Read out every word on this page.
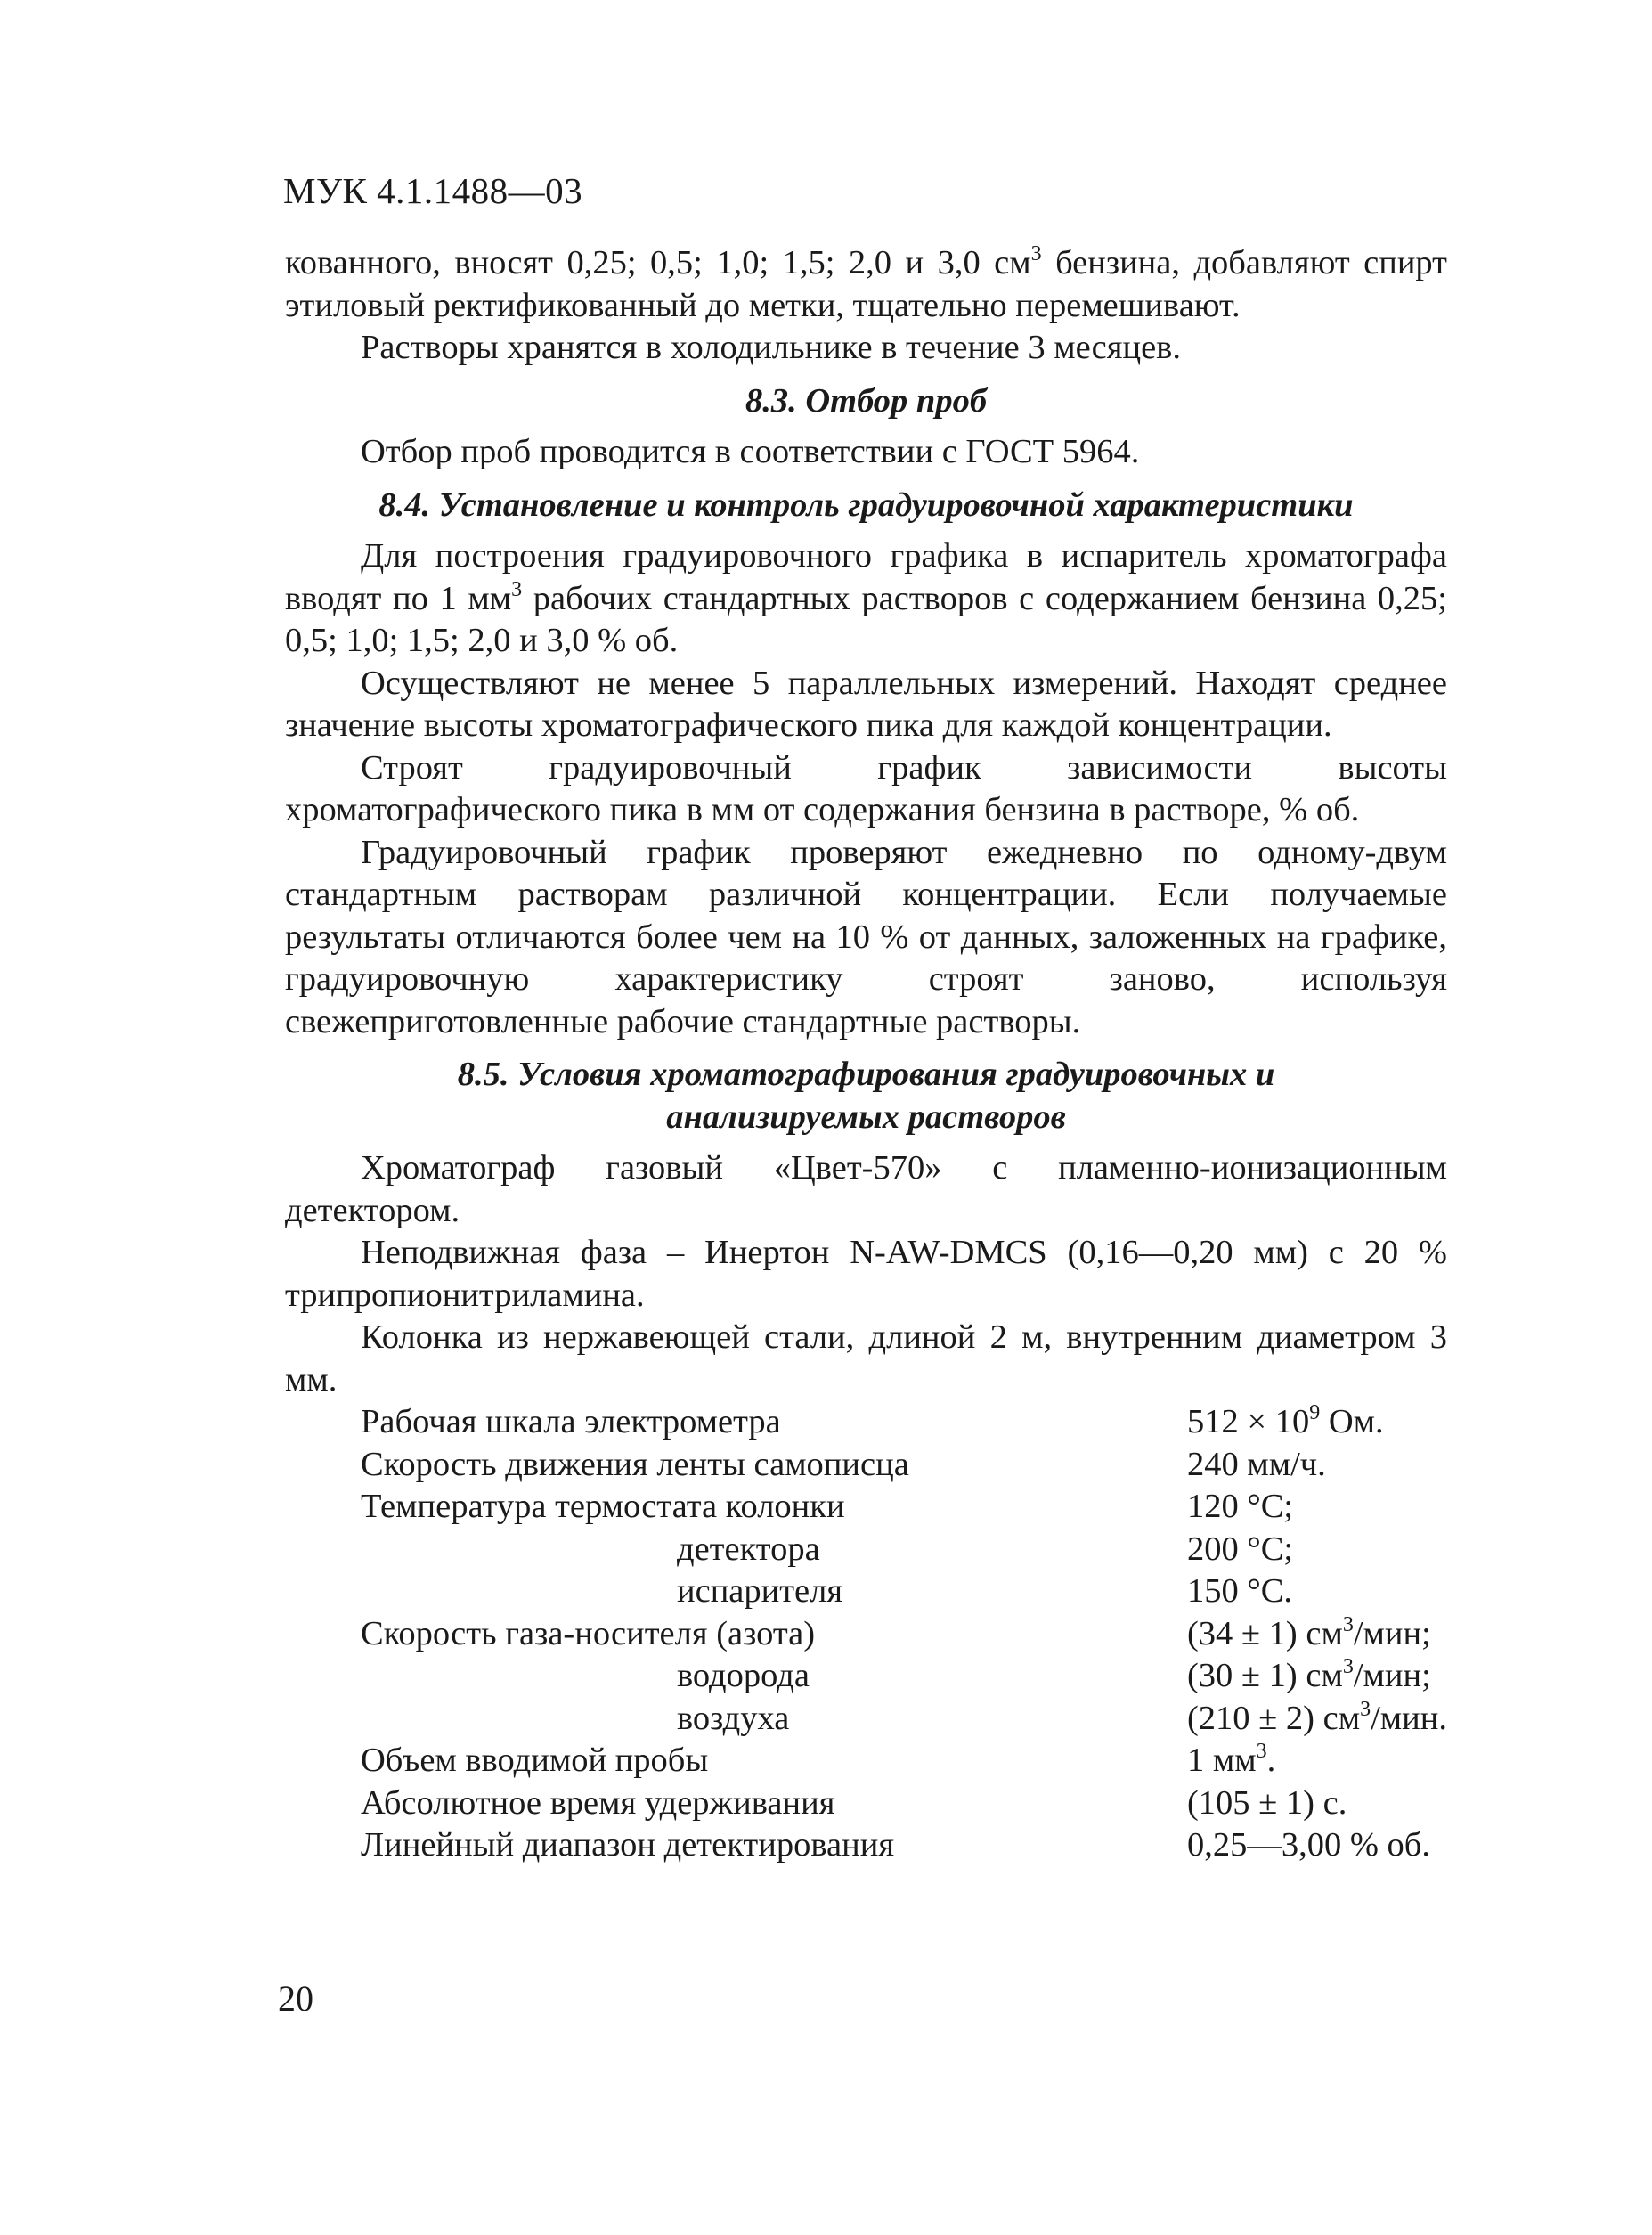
МУК 4.1.1488—03

кованного, вносят 0,25; 0,5; 1,0; 1,5; 2,0 и 3,0 $см^3$ бензина, добавляют спирт этиловый ректификованный до метки, тщательно перемешивают.

Растворы хранятся в холодильнике в течение 3 месяцев.

8.3. Отбор проб

Отбор проб проводится в соответствии с ГОСТ 5964.

8.4. Установление и контроль градуировочной характеристики

Для построения градуировочного графика в испаритель хроматографа вводят по 1 $мм^3$ рабочих стандартных растворов с содержанием бензина 0,25; 0,5; 1,0; 1,5; 2,0 и 3,0 % об.

Осуществляют не менее 5 параллельных измерений. Находят среднее значение высоты хроматографического пика для каждой концентрации.

Строят градуировочный график зависимости высоты хроматографического пика в мм от содержания бензина в растворе, % об.

Градуировочный график проверяют ежедневно по одному-двум стандартным растворам различной концентрации. Если получаемые результаты отличаются более чем на 10 % от данных, заложенных на графике, градуировочную характеристику строят заново, используя свежеприготовленные рабочие стандартные растворы.

8.5. Условия хроматографирования градуировочных и
анализируемых растворов

Хроматограф газовый «Цвет-570» с пламенно-ионизационным детектором.

Неподвижная фаза – Инертон N-AW-DMCS (0,16—0,20 мм) с 20 % трипропионитриламина.

Колонка из нержавеющей стали, длиной 2 м, внутренним диаметром 3 мм.

Рабочая шкала электрометра	$512 \times 10^9$ Ом.
Скорость движения ленты самописца	240 мм/ч.
Температура термостата колонки	120 °С;
детектора	200 °С;
испарителя	150 °С.
Скорость газа-носителя (азота)	(34 ± 1) $см^3$/мин;
водорода	(30 ± 1) $см^3$/мин;
воздуха	(210 ± 2) $см^3$/мин.
Объем вводимой пробы	1 $мм^3$.
Абсолютное время удерживания	(105 ± 1) с.
Линейный диапазон детектирования	0,25—3,00 % об.
20
